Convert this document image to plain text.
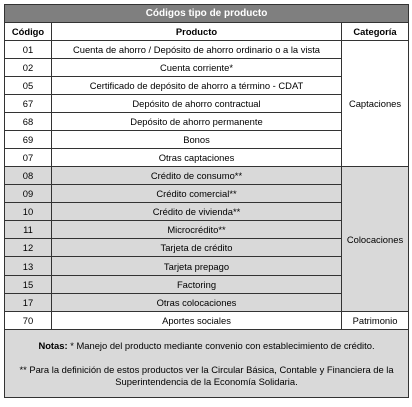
Códigos tipo de producto		
Código	Producto	Categoría
01	Cuenta de ahorro / Depósito de ahorro ordinario o a la vista	Captaciones
02	Cuenta corriente*	
05	Certificado de depósito de ahorro a término - CDAT	
67	Depósito de ahorro contractual	
68	Depósito de ahorro permanente	
69	Bonos	
07	Otras captaciones	
08	Crédito de consumo**	Colocaciones
09	Crédito comercial**	
10	Crédito de vivienda**	
11	Microcrédito**	
12	Tarjeta de crédito	
13	Tarjeta prepago	
15	Factoring	
17	Otras colocaciones	
70	Aportes sociales	Patrimonio

Notas: * Manejo del producto mediante convenio con establecimiento de crédito.
** Para la definición de estos productos ver la Circular Básica, Contable y Financiera de la Superintendencia de la Economía Solidaria.		
